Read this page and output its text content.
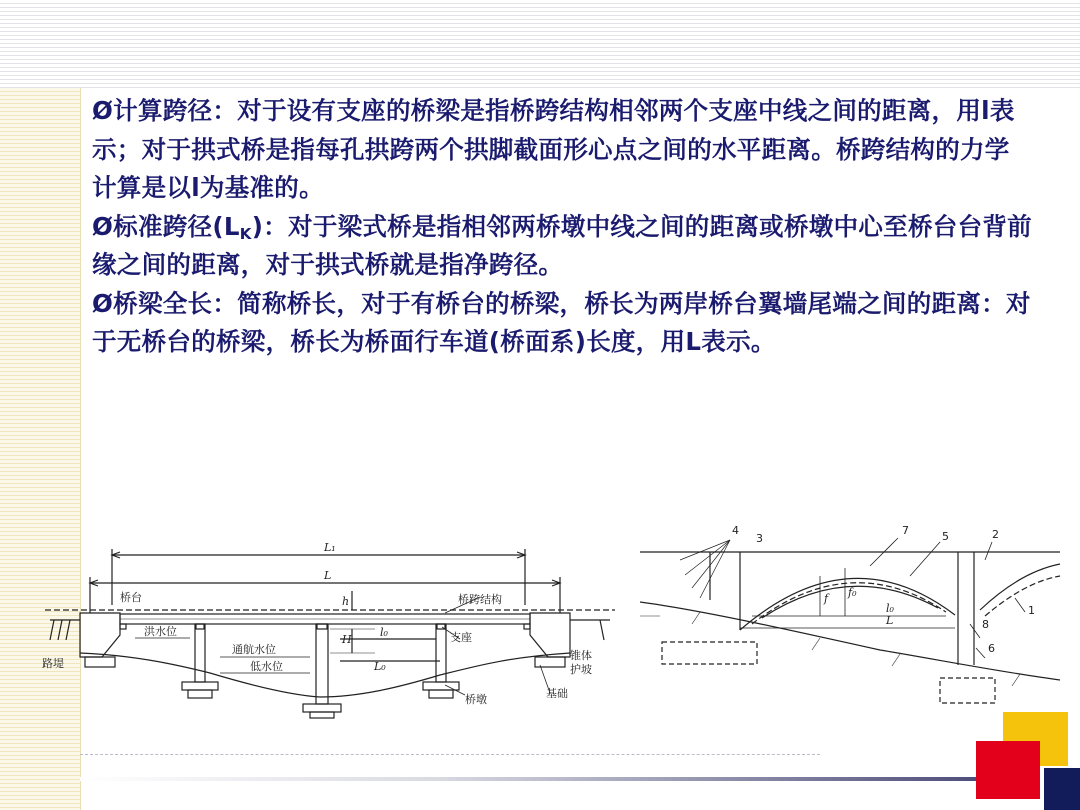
Ø计算跨径：对于设有支座的桥梁是指桥跨结构相邻两个支座中线之间的距离，用l表示；对于拱式桥是指每孔拱跨两个拱脚截面形心点之间的水平距离。桥跨结构的力学计算是以l为基准的。

Ø标准跨径$(L_K)$：对于梁式桥是指相邻两桥墩中线之间的距离或桥墩中心至桥台台背前缘之间的距离，对于拱式桥就是指净跨径。

Ø桥梁全长：简称桥长，对于有桥台的桥梁，桥长为两岸桥台翼墙尾端之间的距离：对于无桥台的桥梁，桥长为桥面行车道(桥面系)长度，用L表示。

L₁
L
h
H
l₀
L₀
桥台	桥跨结构
洪水位	支座
通航水位
低水位
路堤
锥体
护坡
基础
桥墩
7	5
3
4	2
1
8
6
f f₀
l₀
L
